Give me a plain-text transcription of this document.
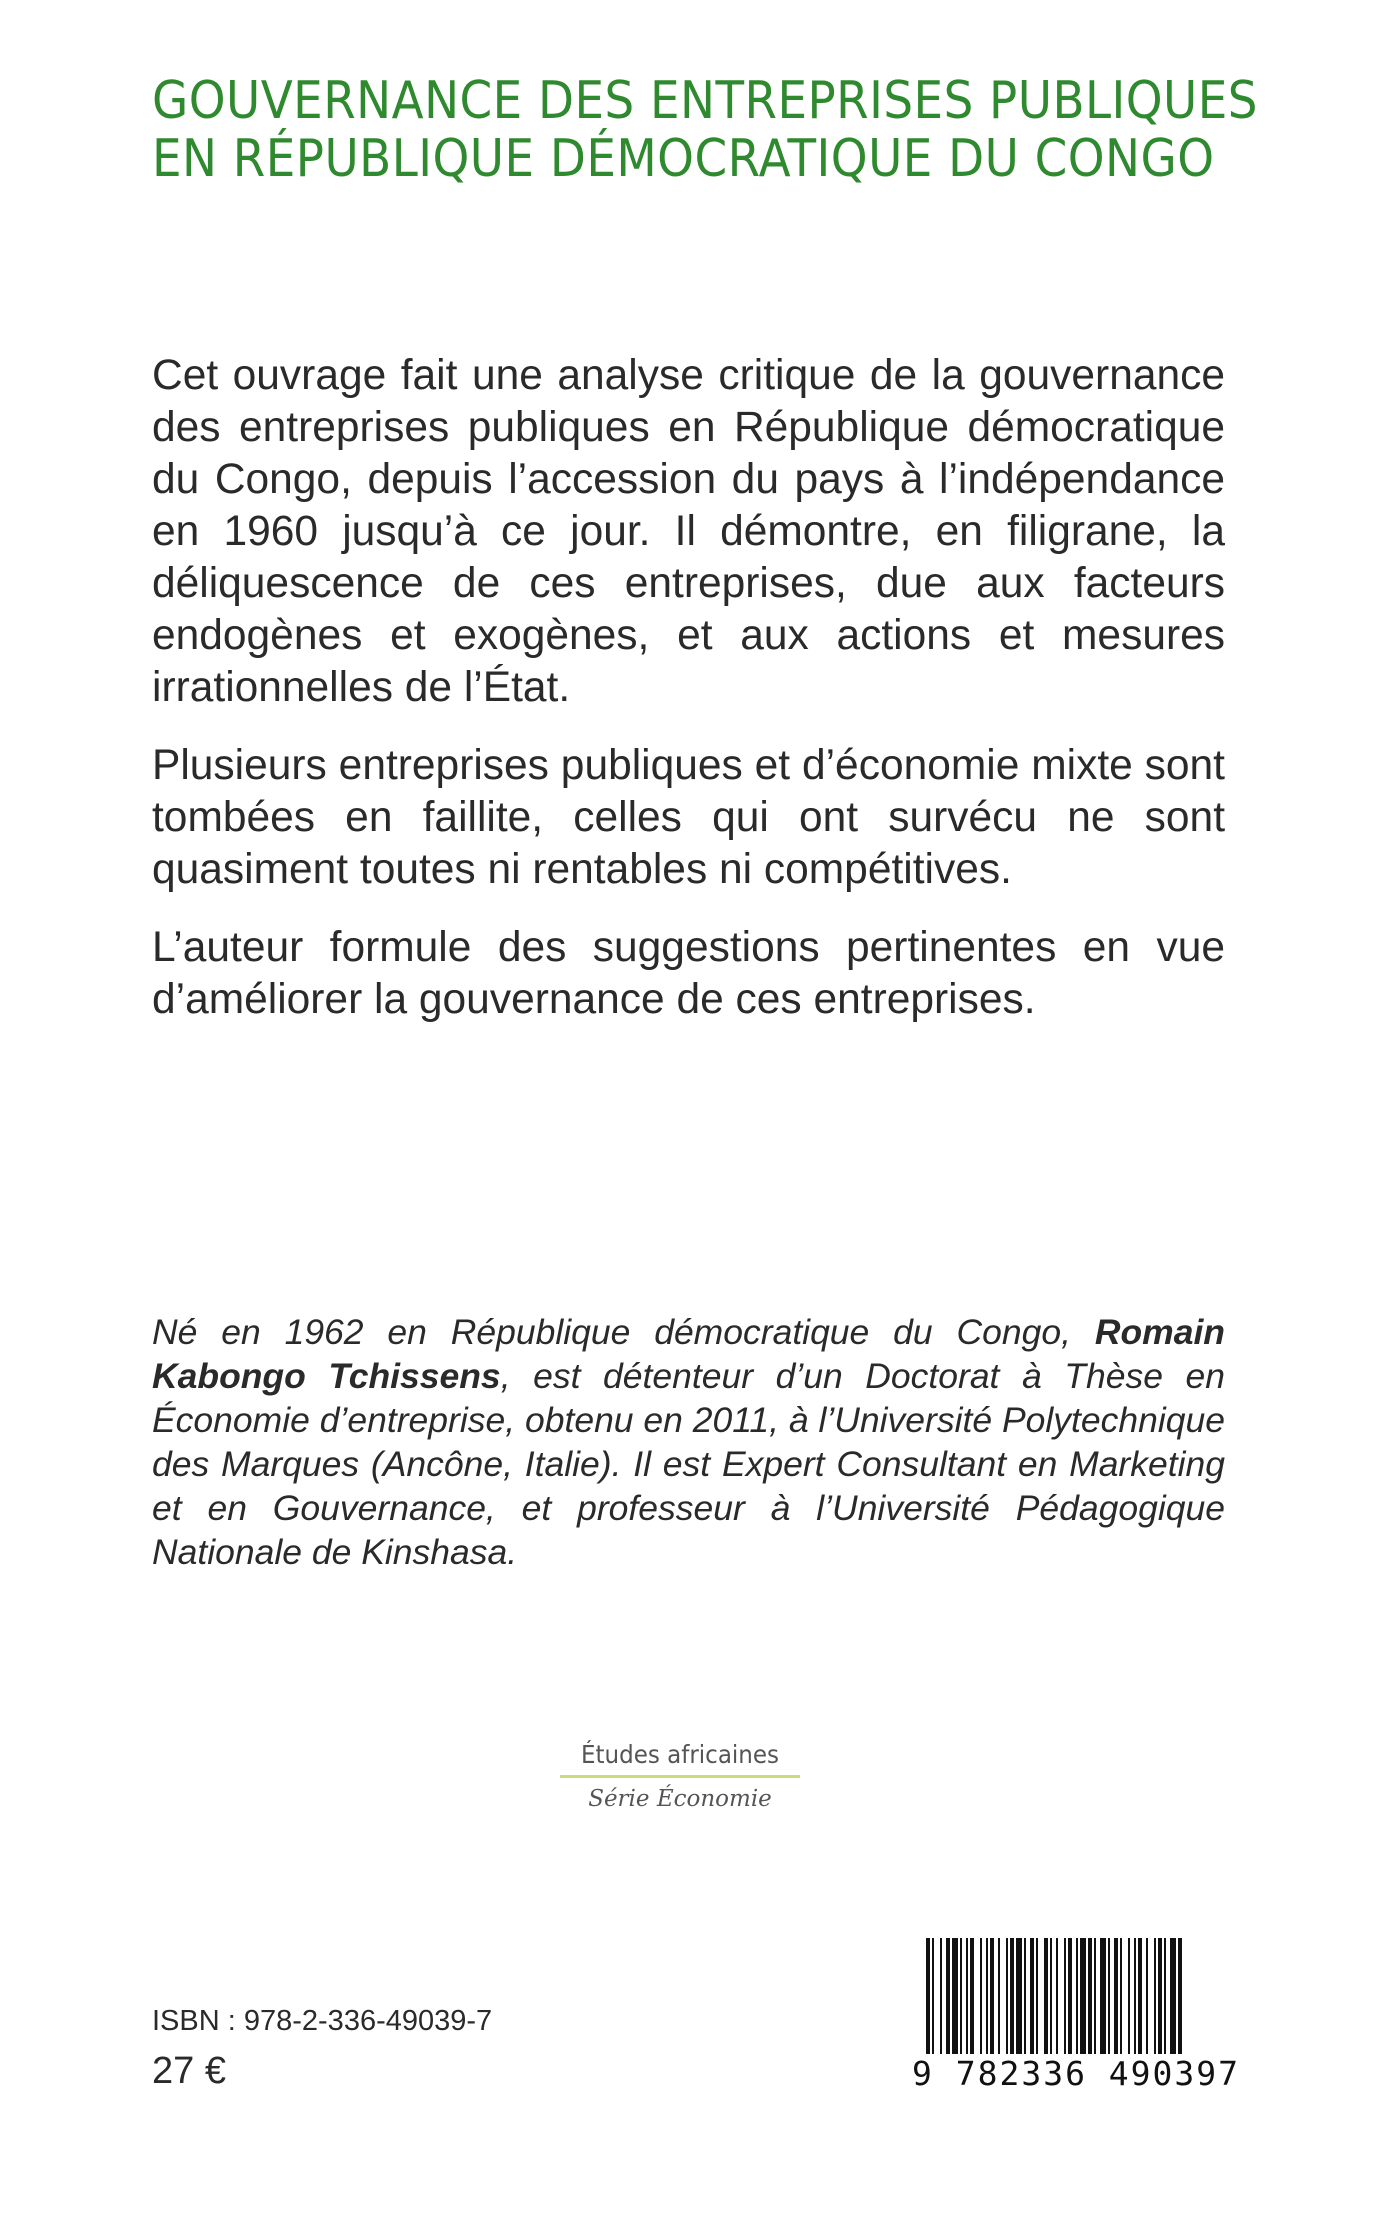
GOUVERNANCE DES ENTREPRISES PUBLIQUES
EN RÉPUBLIQUE DÉMOCRATIQUE DU CONGO

Cet ouvrage fait une analyse critique de la gouvernance des entreprises publiques en République démocratique du Congo, depuis l’accession du pays à l’indépendance en 1960 jusqu’à ce jour. Il démontre, en filigrane, la déliquescence de ces entreprises, due aux facteurs endogènes et exogènes, et aux actions et mesures irrationnelles de l’État.

Plusieurs entreprises publiques et d’économie mixte sont tombées en faillite, celles qui ont survécu ne sont quasiment toutes ni rentables ni compétitives.

L’auteur formule des suggestions pertinentes en vue d’améliorer la gouvernance de ces entreprises.

Né en 1962 en République démocratique du Congo, Romain Kabongo Tchissens, est détenteur d’un Doctorat à Thèse en Économie d’entreprise, obtenu en 2011, à l’Université Polytechnique des Marques (Ancône, Italie). Il est Expert Consultant en Marketing et en Gouvernance, et professeur à l’Université Pédagogique Nationale de Kinshasa.

Études africaines
Série Économie
ISBN : 978-2-336-49039-7
27 €	9 782336 490397
